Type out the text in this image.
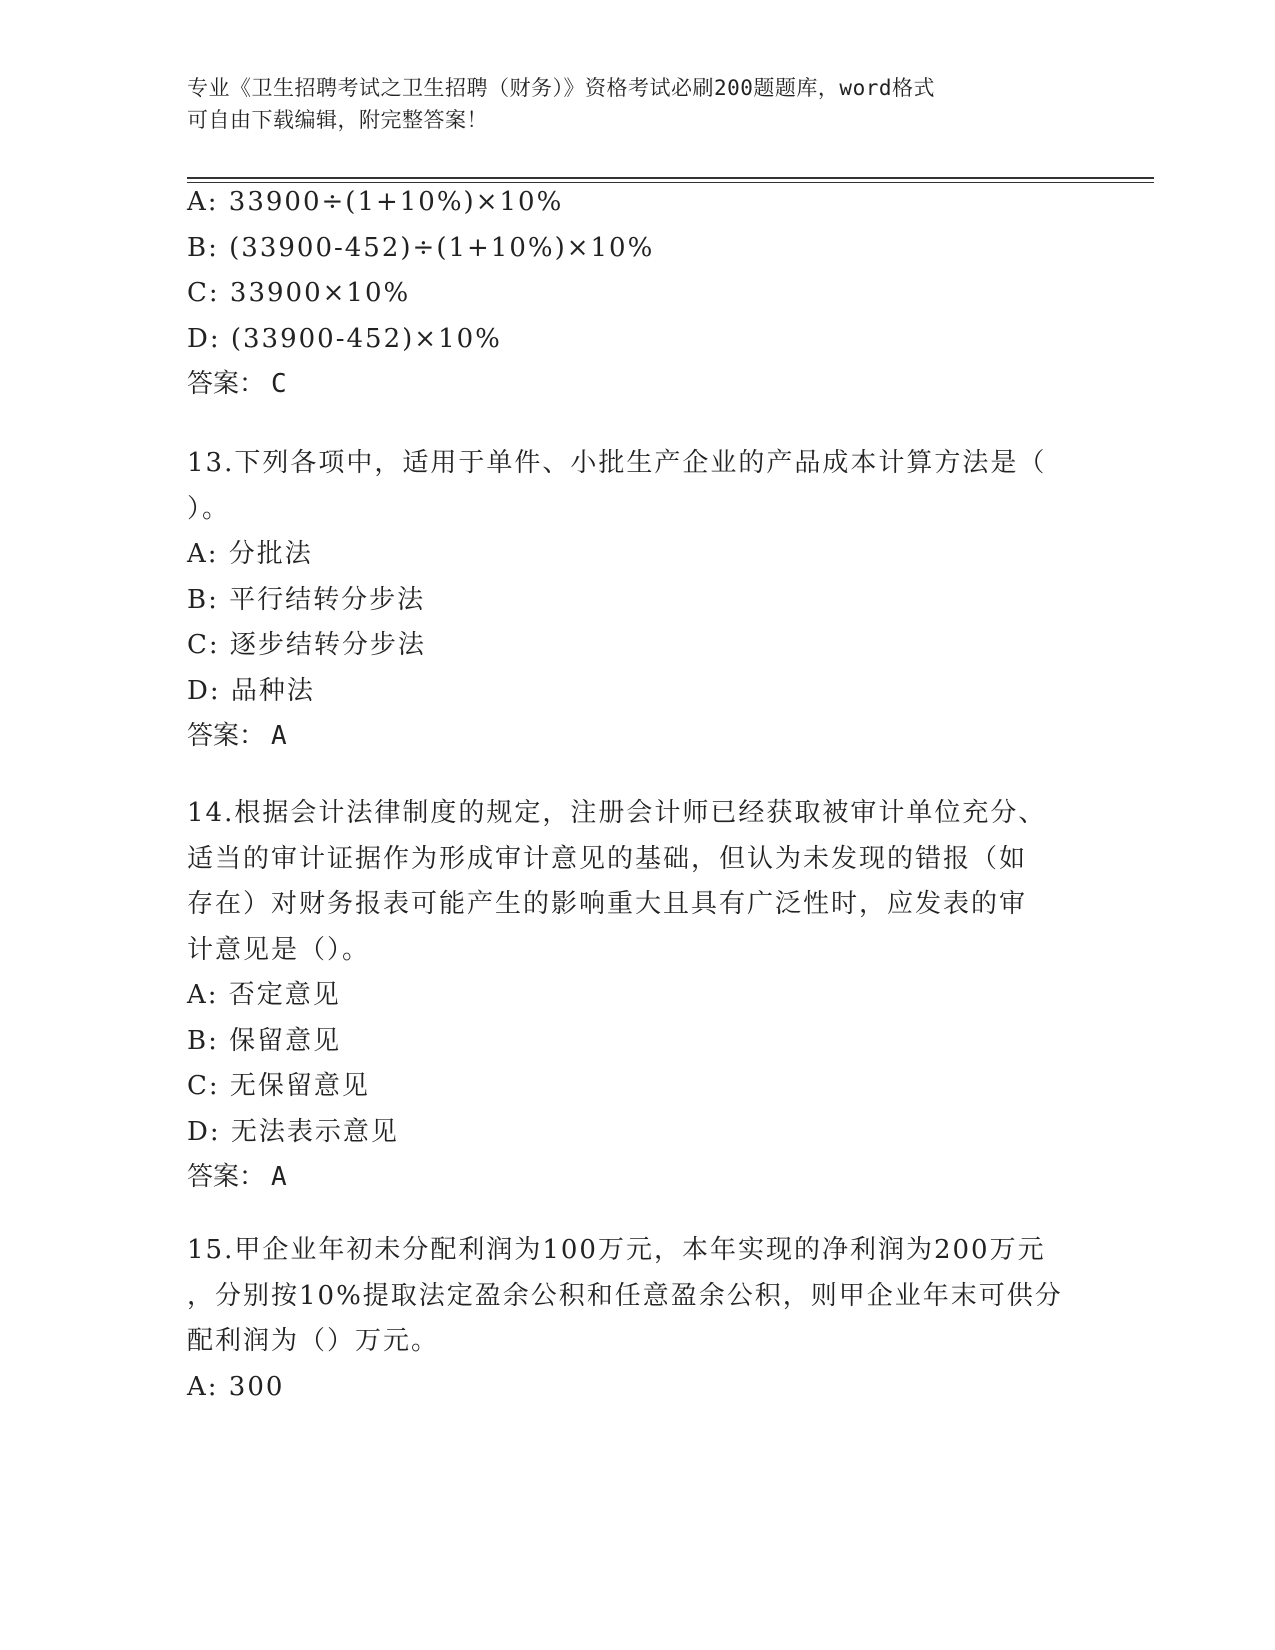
专业《卫生招聘考试之卫生招聘（财务）》资格考试必刷200题题库，word格式
可自由下载编辑，附完整答案！
A: 33900÷(1+10%)×10%
B: (33900-452)÷(1+10%)×10%
C: 33900×10%
D: (33900-452)×10%
答案： C
13.下列各项中，适用于单件、小批生产企业的产品成本计算方法是（
）。
A: 分批法
B: 平行结转分步法
C: 逐步结转分步法
D: 品种法
答案： A
14.根据会计法律制度的规定，注册会计师已经获取被审计单位充分、
适当的审计证据作为形成审计意见的基础，但认为未发现的错报（如
存在）对财务报表可能产生的影响重大且具有广泛性时，应发表的审
计意见是（）。
A: 否定意见
B: 保留意见
C: 无保留意见
D: 无法表示意见
答案： A
15.甲企业年初未分配利润为100万元，本年实现的净利润为200万元
，分别按10%提取法定盈余公积和任意盈余公积，则甲企业年末可供分
配利润为（）万元。
A: 300
